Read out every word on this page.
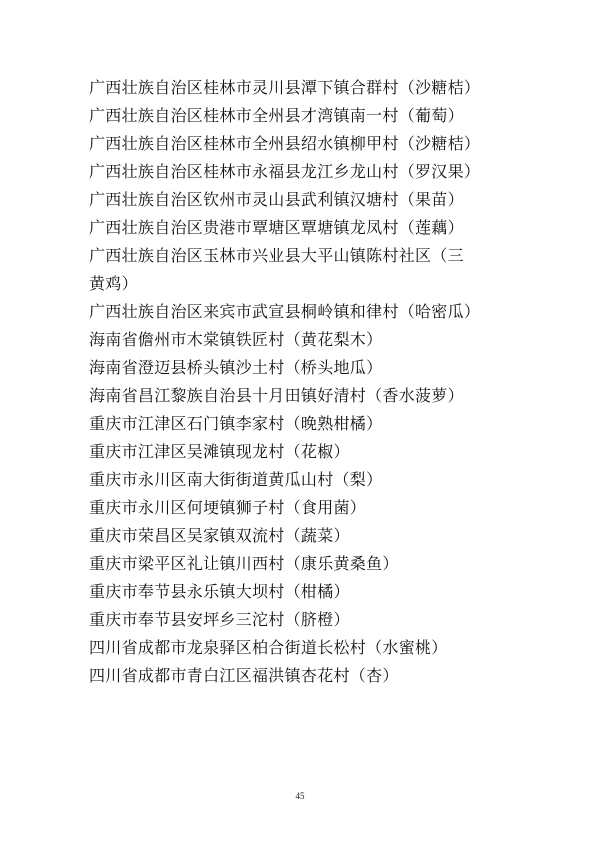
广西壮族自治区桂林市灵川县潭下镇合群村（沙糖桔）
广西壮族自治区桂林市全州县才湾镇南一村（葡萄）
广西壮族自治区桂林市全州县绍水镇柳甲村（沙糖桔）
广西壮族自治区桂林市永福县龙江乡龙山村（罗汉果）
广西壮族自治区钦州市灵山县武利镇汉塘村（果苗）
广西壮族自治区贵港市覃塘区覃塘镇龙凤村（莲藕）
广西壮族自治区玉林市兴业县大平山镇陈村社区（三
黄鸡）
广西壮族自治区来宾市武宣县桐岭镇和律村（哈密瓜）
海南省儋州市木棠镇铁匠村（黄花梨木）
海南省澄迈县桥头镇沙土村（桥头地瓜）
海南省昌江黎族自治县十月田镇好清村（香水菠萝）
重庆市江津区石门镇李家村（晚熟柑橘）
重庆市江津区吴滩镇现龙村（花椒）
重庆市永川区南大街街道黄瓜山村（梨）
重庆市永川区何埂镇狮子村（食用菌）
重庆市荣昌区吴家镇双流村（蔬菜）
重庆市梁平区礼让镇川西村（康乐黄桑鱼）
重庆市奉节县永乐镇大坝村（柑橘）
重庆市奉节县安坪乡三沱村（脐橙）
四川省成都市龙泉驿区柏合街道长松村（水蜜桃）
四川省成都市青白江区福洪镇杏花村（杏）
45
